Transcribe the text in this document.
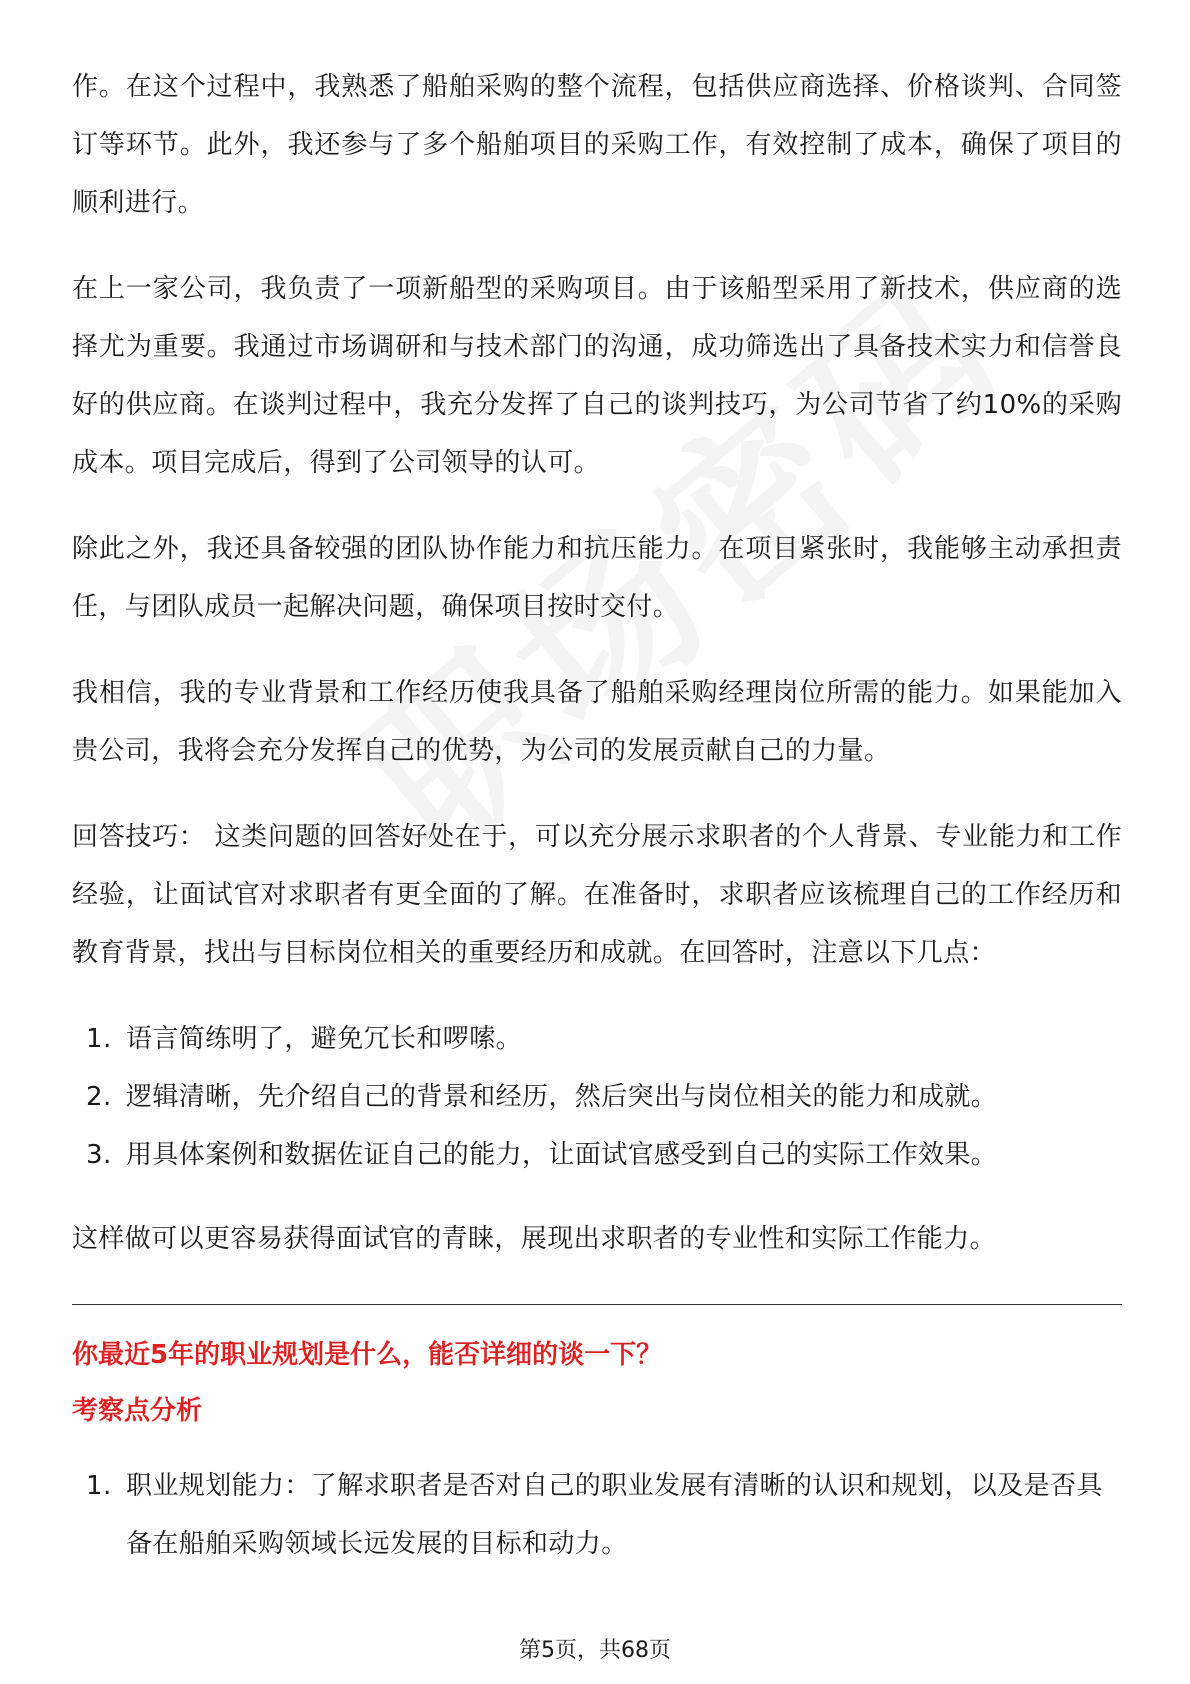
作。在这个过程中，我熟悉了船舶采购的整个流程，包括供应商选择、价格谈判、合同签订等环节。此外，我还参与了多个船舶项目的采购工作，有效控制了成本，确保了项目的顺利进行。

在上一家公司，我负责了一项新船型的采购项目。由于该船型采用了新技术，供应商的选择尤为重要。我通过市场调研和与技术部门的沟通，成功筛选出了具备技术实力和信誉良好的供应商。在谈判过程中，我充分发挥了自己的谈判技巧，为公司节省了约10%的采购成本。项目完成后，得到了公司领导的认可。

除此之外，我还具备较强的团队协作能力和抗压能力。在项目紧张时，我能够主动承担责任，与团队成员一起解决问题，确保项目按时交付。

我相信，我的专业背景和工作经历使我具备了船舶采购经理岗位所需的能力。如果能加入贵公司，我将会充分发挥自己的优势，为公司的发展贡献自己的力量。

回答技巧： 这类问题的回答好处在于，可以充分展示求职者的个人背景、专业能力和工作经验，让面试官对求职者有更全面的了解。在准备时，求职者应该梳理自己的工作经历和教育背景，找出与目标岗位相关的重要经历和成就。在回答时，注意以下几点：

1. 语言简练明了，避免冗长和啰嗦。
2. 逻辑清晰，先介绍自己的背景和经历，然后突出与岗位相关的能力和成就。
3. 用具体案例和数据佐证自己的能力，让面试官感受到自己的实际工作效果。

这样做可以更容易获得面试官的青睐，展现出求职者的专业性和实际工作能力。

你最近5年的职业规划是什么，能否详细的谈一下？
考察点分析
1. 职业规划能力：了解求职者是否对自己的职业发展有清晰的认识和规划，以及是否具备在船舶采购领域长远发展的目标和动力。
第5页，共68页
